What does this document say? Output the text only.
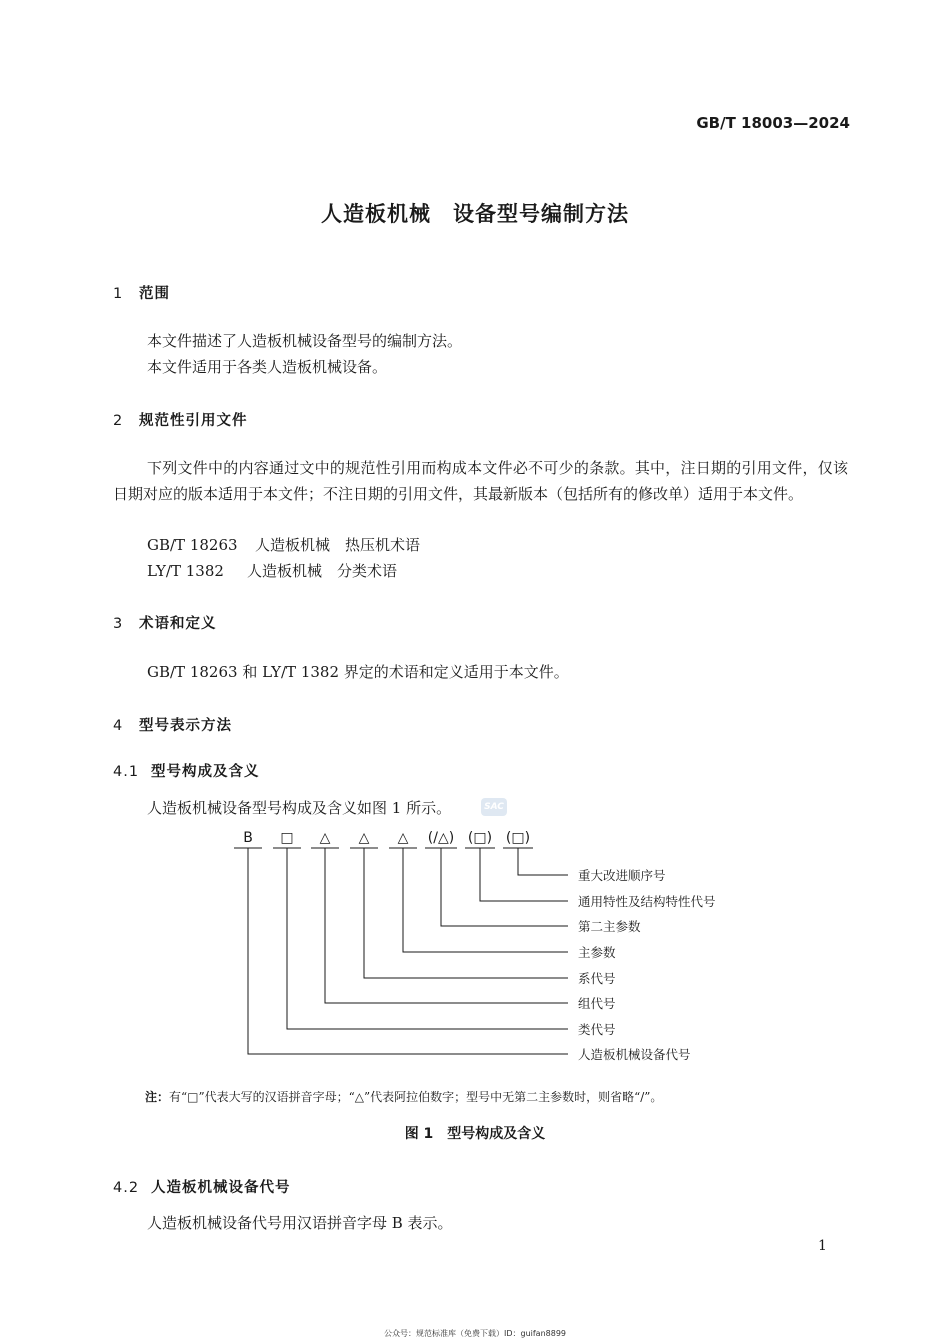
GB/T 18003—2024
人造板机械　设备型号编制方法
1 范围
本文件描述了人造板机械设备型号的编制方法。
本文件适用于各类人造板机械设备。
2 规范性引用文件
下列文件中的内容通过文中的规范性引用而构成本文件必不可少的条款。其中，注日期的引用文件，仅该日期对应的版本适用于本文件；不注日期的引用文件，其最新版本（包括所有的修改单）适用于本文件。
GB/T 18263 人造板机械　热压机术语
LY/T 1382 人造板机械　分类术语
3 术语和定义
GB/T 18263 和 LY/T 1382 界定的术语和定义适用于本文件。
4 型号表示方法
4.1 型号构成及含义
人造板机械设备型号构成及含义如图 1 所示。	SAC
B □ △ △ △ (/△) (□) (□)
重大改进顺序号
通用特性及结构特性代号
第二主参数
主参数
系代号
组代号
类代号
人造板机械设备代号
注：有“□”代表大写的汉语拼音字母；“△”代表阿拉伯数字；型号中无第二主参数时，则省略“/”。
图 1　型号构成及含义
4.2 人造板机械设备代号
人造板机械设备代号用汉语拼音字母 B 表示。
1
公众号：规范标准库（免费下载）ID：guifan8899
